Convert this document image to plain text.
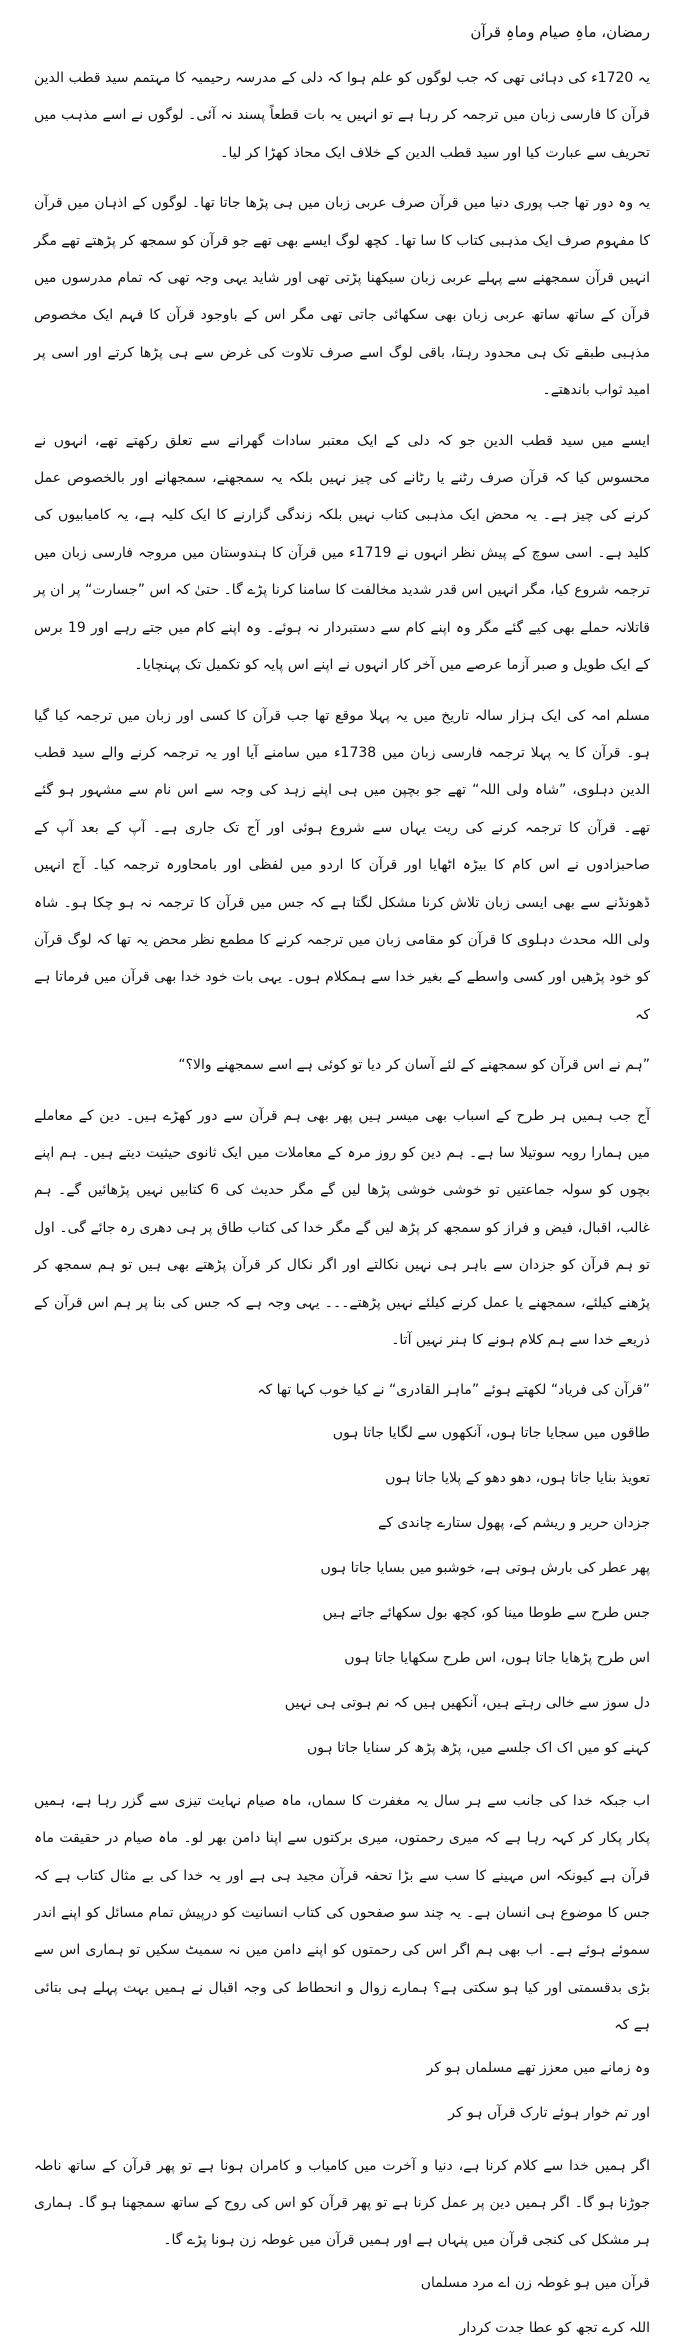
رمضان، ماہِ صیام وماہِ قرآن

یہ 1720ء کی دہائی تھی کہ جب لوگوں کو علم ہوا کہ دلی کے مدرسہ رحیمیہ کا مہتمم سید قطب الدین قرآن کا فارسی زبان میں ترجمہ کر رہا ہے تو انہیں یہ بات قطعاً پسند نہ آئی۔ لوگوں نے اسے مذہب میں تحریف سے عبارت کیا اور سید قطب الدین کے خلاف ایک محاذ کھڑا کر لیا۔

یہ وہ دور تھا جب پوری دنیا میں قرآن صرف عربی زبان میں ہی پڑھا جاتا تھا۔ لوگوں کے اذہان میں قرآن کا مفہوم صرف ایک مذہبی کتاب کا سا تھا۔ کچھ لوگ ایسے بھی تھے جو قرآن کو سمجھ کر پڑھتے تھے مگر انہیں قرآن سمجھنے سے پہلے عربی زبان سیکھنا پڑتی تھی اور شاید یہی وجہ تھی کہ تمام مدرسوں میں قرآن کے ساتھ ساتھ عربی زبان بھی سکھائی جاتی تھی مگر اس کے باوجود قرآن کا فہم ایک مخصوص مذہبی طبقے تک ہی محدود رہتا، باقی لوگ اسے صرف تلاوت کی غرض سے ہی پڑھا کرتے اور اسی پر امید ثواب باندھتے۔

ایسے میں سید قطب الدین جو کہ دلی کے ایک معتبر سادات گھرانے سے تعلق رکھتے تھے، انہوں نے محسوس کیا کہ قرآن صرف رٹنے یا رٹانے کی چیز نہیں بلکہ یہ سمجھنے، سمجھانے اور بالخصوص عمل کرنے کی چیز ہے۔ یہ محض ایک مذہبی کتاب نہیں بلکہ زندگی گزارنے کا ایک کلیہ ہے، یہ کامیابیوں کی کلید ہے۔ اسی سوچ کے پیش نظر انہوں نے 1719ء میں قرآن کا ہندوستان میں مروجہ فارسی زبان میں ترجمہ شروع کیا، مگر انہیں اس قدر شدید مخالفت کا سامنا کرنا پڑے گا۔ حتیٰ کہ اس ”جسارت“ پر ان پر قاتلانہ حملے بھی کیے گئے مگر وہ اپنے کام سے دستبردار نہ ہوئے۔ وہ اپنے کام میں جتے رہے اور 19 برس کے ایک طویل و صبر آزما عرصے میں آخر کار انہوں نے اپنے اس پایہ کو تکمیل تک پہنچایا۔

مسلم امہ کی ایک ہزار سالہ تاریخ میں یہ پہلا موقع تھا جب قرآن کا کسی اور زبان میں ترجمہ کیا گیا ہو۔ قرآن کا یہ پہلا ترجمہ فارسی زبان میں 1738ء میں سامنے آیا اور یہ ترجمہ کرنے والے سید قطب الدین دہلوی، ”شاہ ولی اللہ“ تھے جو بچپن میں ہی اپنے زہد کی وجہ سے اس نام سے مشہور ہو گئے تھے۔ قرآن کا ترجمہ کرنے کی ریت یہاں سے شروع ہوئی اور آج تک جاری ہے۔ آپ کے بعد آپ کے صاحبزادوں نے اس کام کا بیڑہ اٹھایا اور قرآن کا اردو میں لفظی اور بامحاورہ ترجمہ کیا۔ آج انہیں ڈھونڈنے سے بھی ایسی زبان تلاش کرنا مشکل لگتا ہے کہ جس میں قرآن کا ترجمہ نہ ہو چکا ہو۔ شاہ ولی اللہ محدث دہلوی کا قرآن کو مقامی زبان میں ترجمہ کرنے کا مطمع نظر محض یہ تھا کہ لوگ قرآن کو خود پڑھیں اور کسی واسطے کے بغیر خدا سے ہمکلام ہوں۔ یہی بات خود خدا بھی قرآن میں فرماتا ہے کہ

”ہم نے اس قرآن کو سمجھنے کے لئے آسان کر دیا تو کوئی ہے اسے سمجھنے والا؟“

آج جب ہمیں ہر طرح کے اسباب بھی میسر ہیں پھر بھی ہم قرآن سے دور کھڑے ہیں۔ دین کے معاملے میں ہمارا رویہ سوتیلا سا ہے۔ ہم دین کو روز مرہ کے معاملات میں ایک ثانوی حیثیت دیتے ہیں۔ ہم اپنے بچوں کو سولہ جماعتیں تو خوشی خوشی پڑھا لیں گے مگر حدیث کی 6 کتابیں نہیں پڑھائیں گے۔ ہم غالب، اقبال، فیض و فراز کو سمجھ کر پڑھ لیں گے مگر خدا کی کتاب طاق پر ہی دھری رہ جائے گی۔ اول تو ہم قرآن کو جزدان سے باہر ہی نہیں نکالتے اور اگر نکال کر قرآن پڑھتے بھی ہیں تو ہم سمجھ کر پڑھنے کیلئے، سمجھنے یا عمل کرنے کیلئے نہیں پڑھتے۔۔۔ یہی وجہ ہے کہ جس کی بنا پر ہم اس قرآن کے ذریعے خدا سے ہم کلام ہونے کا ہنر نہیں آتا۔

”قرآن کی فریاد“ لکھتے ہوئے ”ماہر القادری“ نے کیا خوب کہا تھا کہ

طاقوں میں سجایا جاتا ہوں، آنکھوں سے لگایا جاتا ہوں
تعویذ بنایا جاتا ہوں، دھو دھو کے پلایا جاتا ہوں
جزدان حریر و ریشم کے، پھول ستارے چاندی کے
پھر عطر کی بارش ہوتی ہے، خوشبو میں بسایا جاتا ہوں
جس طرح سے طوطا مینا کو، کچھ بول سکھائے جاتے ہیں
اس طرح پڑھایا جاتا ہوں، اس طرح سکھایا جاتا ہوں
دل سوز سے خالی رہتے ہیں، آنکھیں ہیں کہ نم ہوتی ہی نہیں
کہنے کو میں اک اک جلسے میں، پڑھ پڑھ کر سنایا جاتا ہوں

اب جبکہ خدا کی جانب سے ہر سال یہ مغفرت کا سماں، ماہ صیام نہایت تیزی سے گزر رہا ہے، ہمیں پکار پکار کر کہہ رہا ہے کہ میری رحمتوں، میری برکتوں سے اپنا دامن بھر لو۔ ماہ صیام در حقیقت ماہ قرآن ہے کیونکہ اس مہینے کا سب سے بڑا تحفہ قرآن مجید ہی ہے اور یہ خدا کی بے مثال کتاب ہے کہ جس کا موضوع ہی انسان ہے۔ یہ چند سو صفحوں کی کتاب انسانیت کو درپیش تمام مسائل کو اپنے اندر سموئے ہوئے ہے۔ اب بھی ہم اگر اس کی رحمتوں کو اپنے دامن میں نہ سمیٹ سکیں تو ہماری اس سے بڑی بدقسمتی اور کیا ہو سکتی ہے؟ ہمارے زوال و انحطاط کی وجہ اقبال نے ہمیں بہت پہلے ہی بتائی ہے کہ

وہ زمانے میں معزز تھے مسلماں ہو کر
اور تم خوار ہوئے تارک قرآں ہو کر

اگر ہمیں خدا سے کلام کرنا ہے، دنیا و آخرت میں کامیاب و کامران ہونا ہے تو پھر قرآن کے ساتھ ناطہ جوڑنا ہو گا۔ اگر ہمیں دین پر عمل کرنا ہے تو پھر قرآن کو اس کی روح کے ساتھ سمجھنا ہو گا۔ ہماری ہر مشکل کی کنجی قرآن میں پنہاں ہے اور ہمیں قرآن میں غوطہ زن ہونا پڑے گا۔

قرآن میں ہو غوطہ زن اے مرد مسلماں
اللہ کرے تجھ کو عطا جدت کردار
